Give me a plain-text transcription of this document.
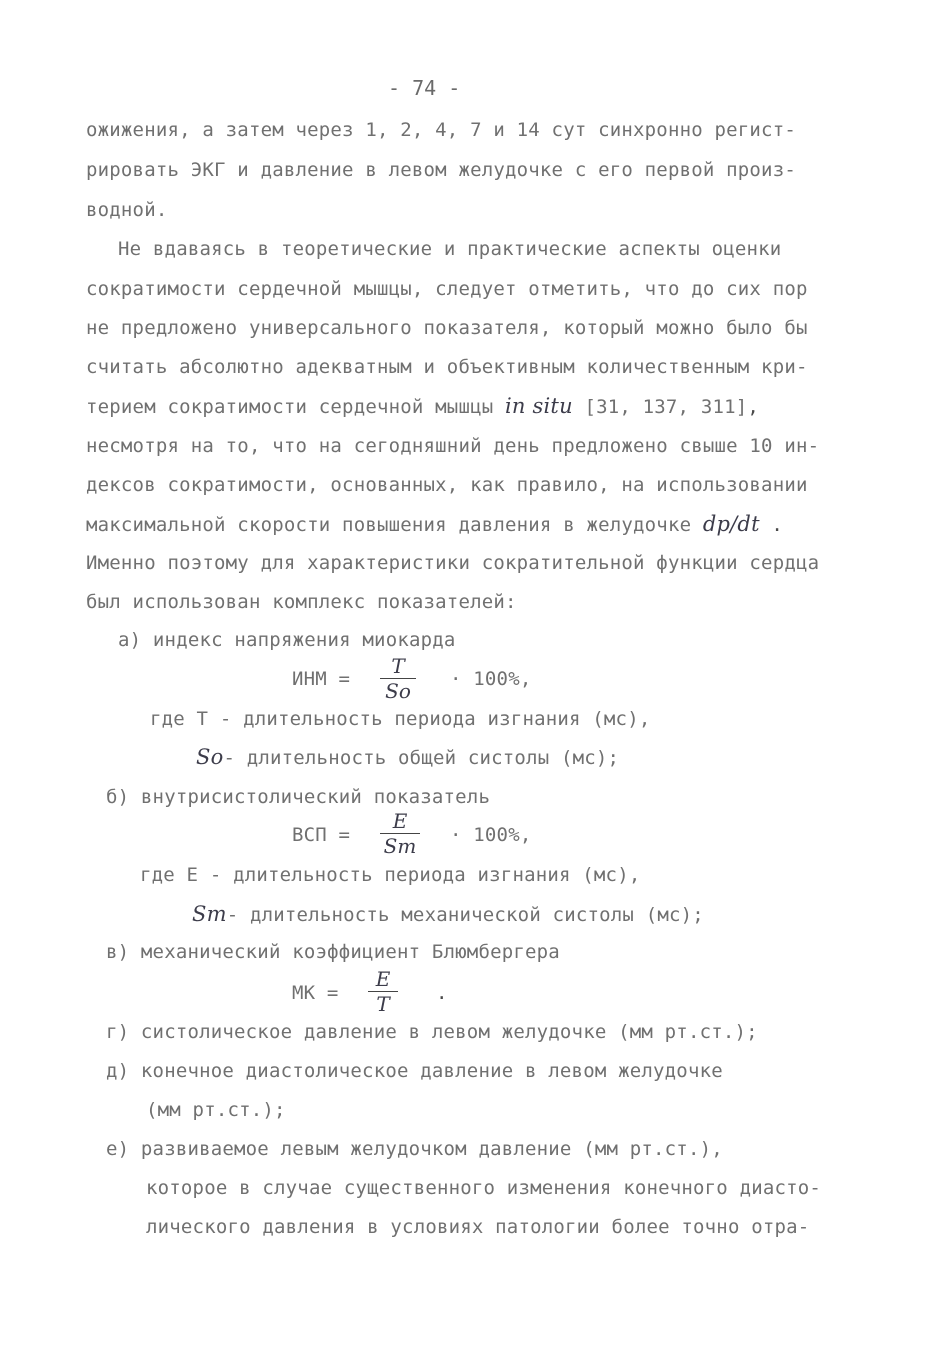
- 74 -
ожижения, а затем через 1, 2, 4, 7 и 14 сут синхронно регист-
рировать ЭКГ и давление в левом желудочке с его первой произ-
водной.
Не вдаваясь в теоретические и практические аспекты оценки
сократимости сердечной мышцы, следует отметить, что до сих пор
не предложено универсального показателя, который можно было бы
считать абсолютно адекватным и объективным количественным кри-
терием сократимости сердечной мышцы in situ [31, 137, 311],
несмотря на то, что на сегодняшний день предложено свыше 10 ин-
дексов сократимости, основанных, как правило, на использовании
максимальной скорости повышения давления в желудочке dp/dt .
Именно поэтому для характеристики сократительной функции сердца
был использован комплекс показателей:
а) индекс напряжения миокарда
ИНМ =
T
So · 100%,
где T - длительность периода изгнания (мс),
So- длительность общей систолы (мс);
б) внутрисистолический показатель
ВСП =
E
Sm · 100%,
где E - длительность периода изгнания (мс),
Sm- длительность механической систолы (мс);
в) механический коэффициент Блюмбергера
МК =
E
T	.
г) систолическое давление в левом желудочке (мм рт.ст.);
д) конечное диастолическое давление в левом желудочке
(мм рт.ст.);
е) развиваемое левым желудочком давление (мм рт.ст.),
которое в случае существенного изменения конечного диасто-
лического давления в условиях патологии более точно отра-
